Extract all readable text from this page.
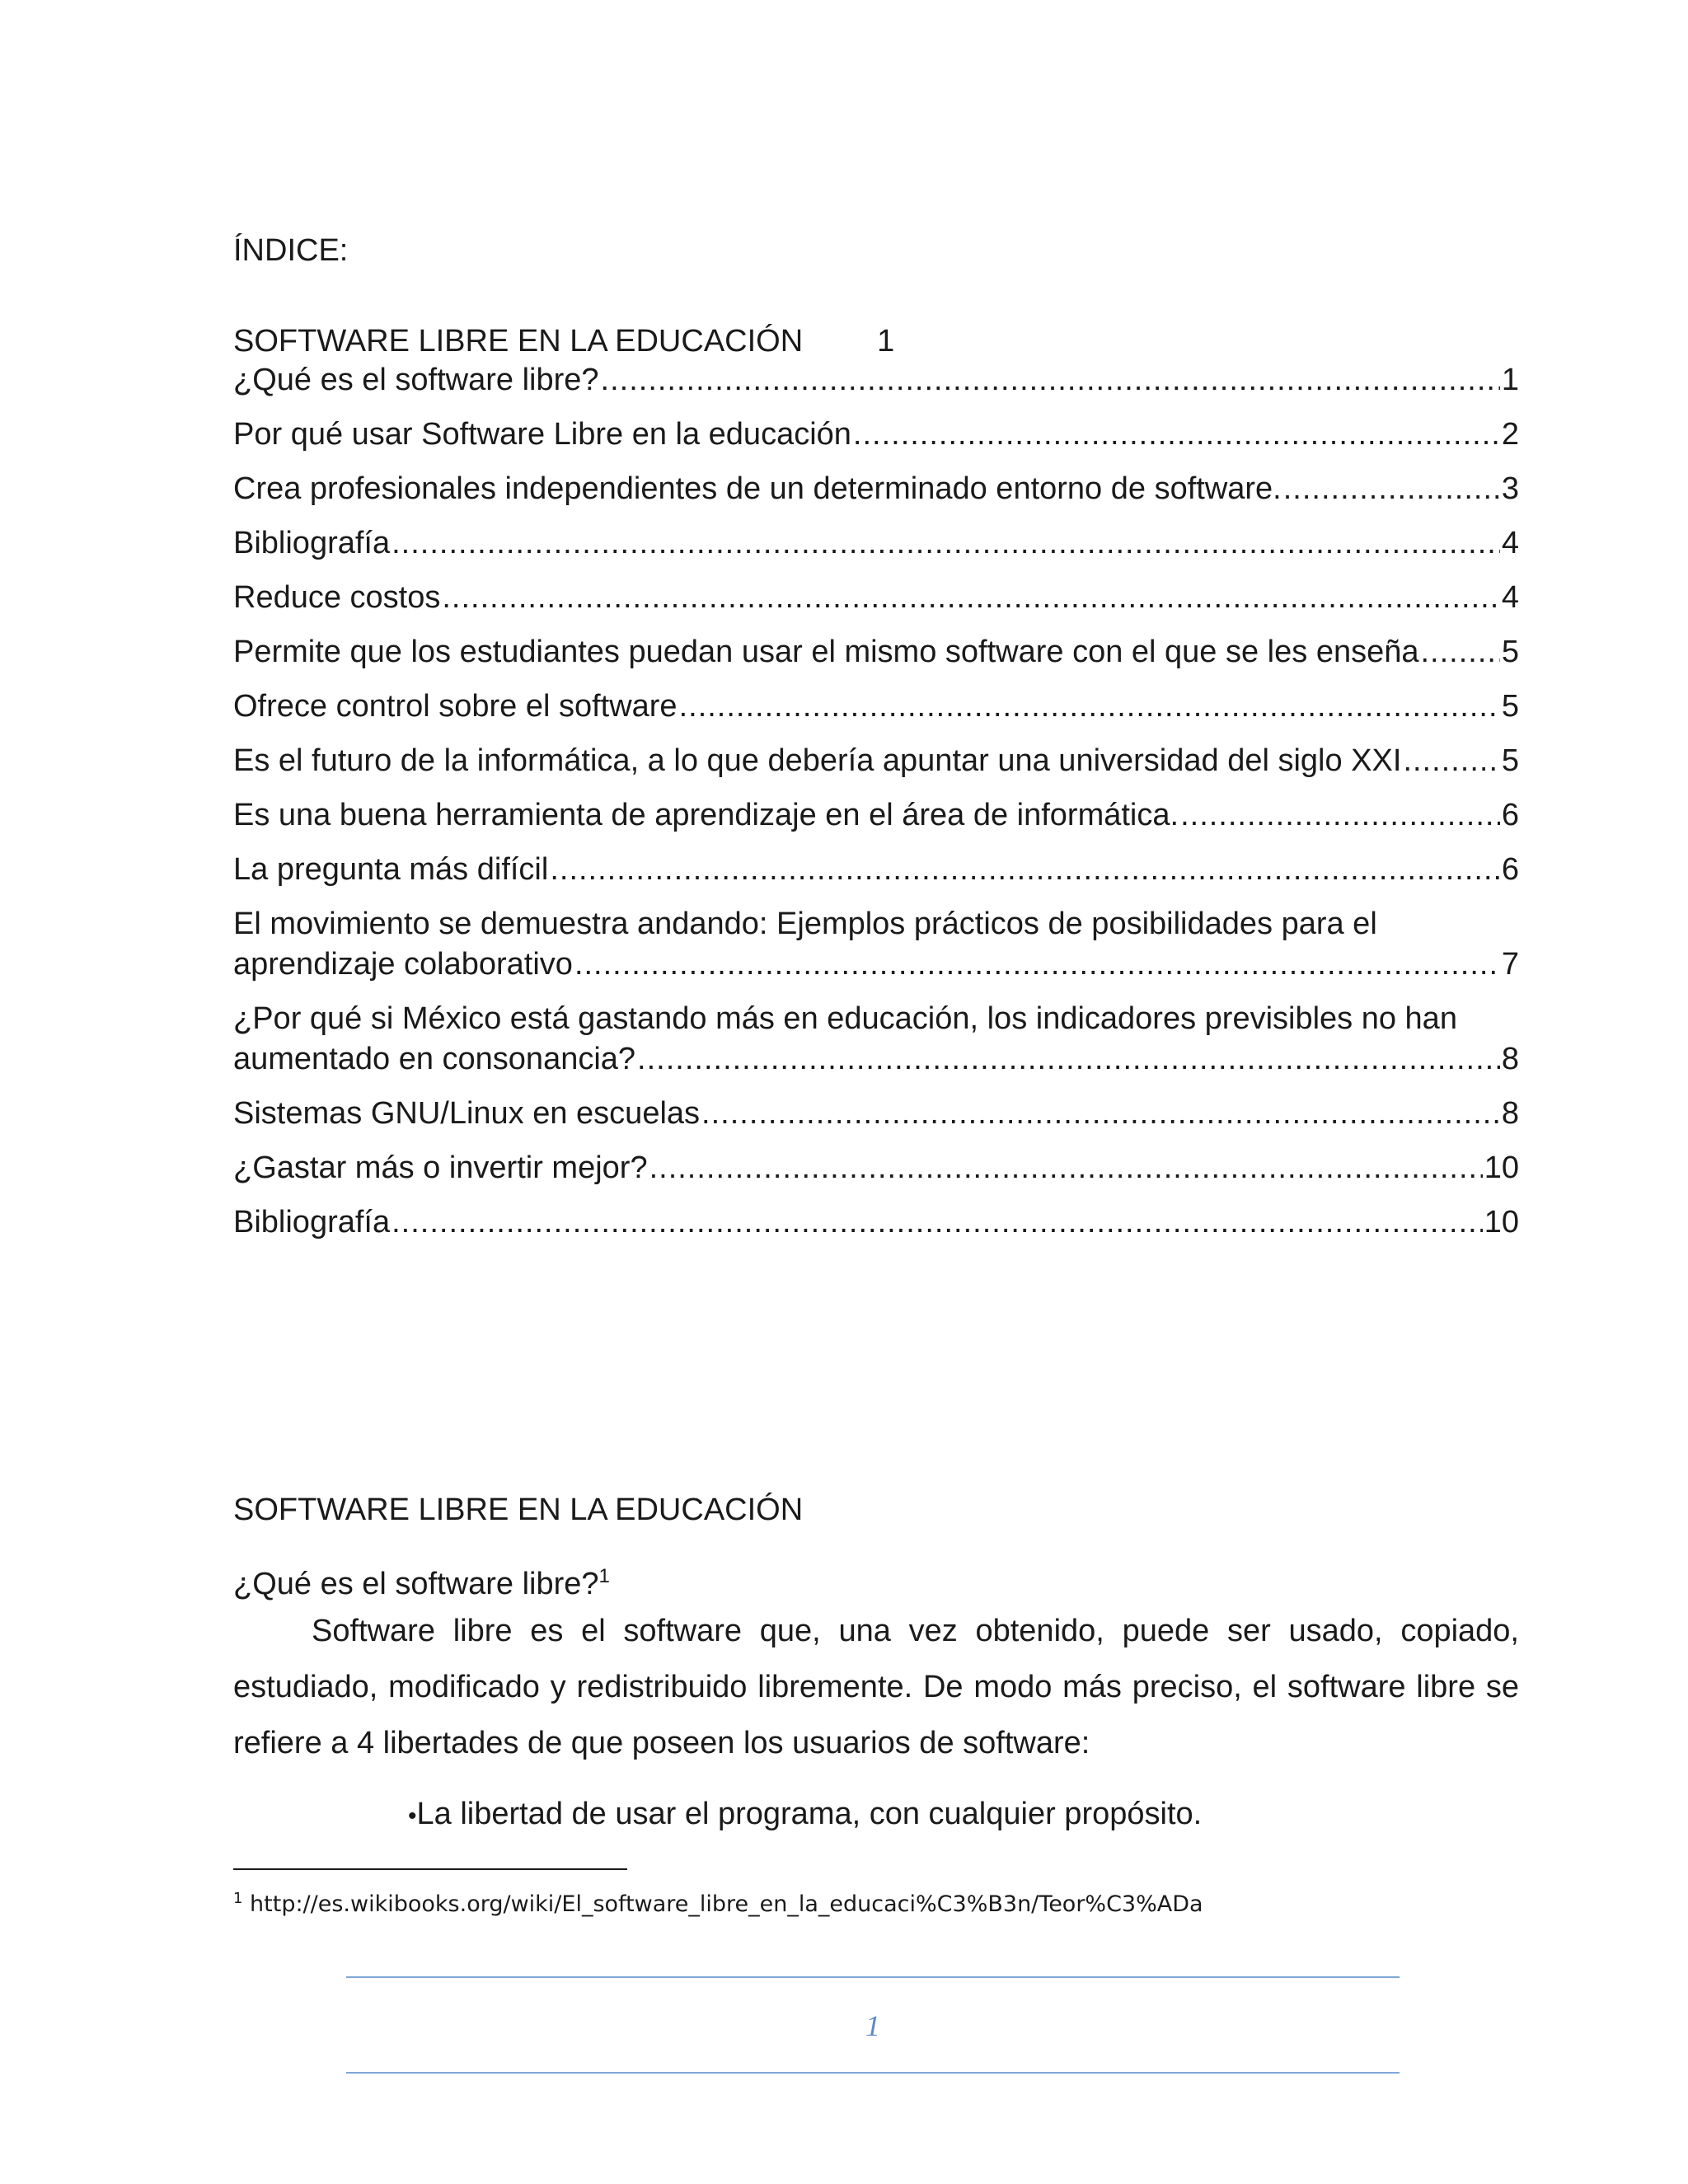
ÍNDICE:
SOFTWARE LIBRE EN LA EDUCACIÓN 1
¿Qué es el software libre? .....	1
Por qué usar Software Libre en la educación .....	2
Crea profesionales independientes de un determinado entorno de software. .....	3
Bibliografía .....	4
Reduce costos .....	4
Permite que los estudiantes puedan usar el mismo software con el que se les enseña .....	5
Ofrece control sobre el software .....	5
Es el futuro de la informática, a lo que debería apuntar una universidad del siglo XXI .....	5
Es una buena herramienta de aprendizaje en el área de informática. .....	6
La pregunta más difícil .....	6
El movimiento se demuestra andando: Ejemplos prácticos de posibilidades para el
aprendizaje colaborativo .....	7
¿Por qué si México está gastando más en educación, los indicadores previsibles no han
aumentado en consonancia? .....	8
Sistemas GNU/Linux en escuelas .....	8
¿Gastar más o invertir mejor? .....	10
Bibliografía .....	10
SOFTWARE LIBRE EN LA EDUCACIÓN
¿Qué es el software libre?$^1$

Software libre es el software que, una vez obtenido, puede ser usado, copiado, estudiado, modificado y redistribuido libremente. De modo más preciso, el software libre se refiere a 4 libertades de que poseen los usuarios de software:

•La libertad de usar el programa, con cualquier propósito.
$^1$ http://es.wikibooks.org/wiki/El_software_libre_en_la_educaci%C3%B3n/Teor%C3%ADa
1
